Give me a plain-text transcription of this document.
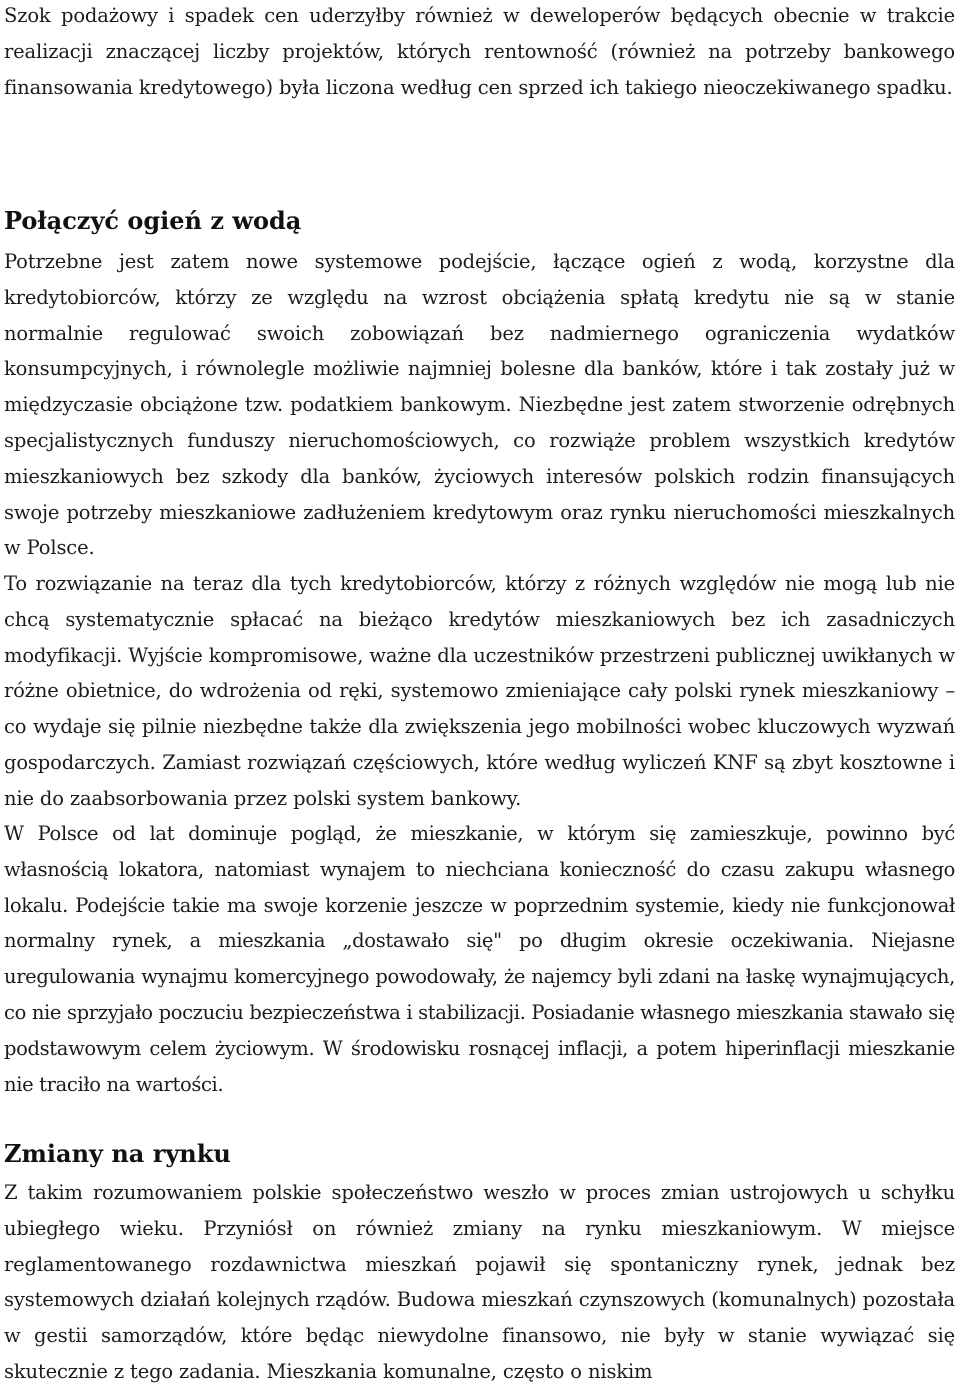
Szok podażowy i spadek cen uderzyłby również w deweloperów będących obecnie w trakcie realizacji znaczącej liczby projektów, których rentowność (również na potrzeby bankowego finansowania kredytowego) była liczona według cen sprzed ich takiego nieoczekiwanego spadku.

Połączyć ogień z wodą

Potrzebne jest zatem nowe systemowe podejście, łączące ogień z wodą, korzystne dla kredytobiorców, którzy ze względu na wzrost obciążenia spłatą kredytu nie są w stanie normalnie regulować swoich zobowiązań bez nadmiernego ograniczenia wydatków konsumpcyjnych, i równolegle możliwie najmniej bolesne dla banków, które i tak zostały już w międzyczasie obciążone tzw. podatkiem bankowym. Niezbędne jest zatem stworzenie odrębnych specjalistycznych funduszy nieruchomościowych, co rozwiąże problem wszystkich kredytów mieszkaniowych bez szkody dla banków, życiowych interesów polskich rodzin finansujących swoje potrzeby mieszkaniowe zadłużeniem kredytowym oraz rynku nieruchomości mieszkalnych w Polsce.

To rozwiązanie na teraz dla tych kredytobiorców, którzy z różnych względów nie mogą lub nie chcą systematycznie spłacać na bieżąco kredytów mieszkaniowych bez ich zasadniczych modyfikacji. Wyjście kompromisowe, ważne dla uczestników przestrzeni publicznej uwikłanych w różne obietnice, do wdrożenia od ręki, systemowo zmieniające cały polski rynek mieszkaniowy – co wydaje się pilnie niezbędne także dla zwiększenia jego mobilności wobec kluczowych wyzwań gospodarczych. Zamiast rozwiązań częściowych, które według wyliczeń KNF są zbyt kosztowne i nie do zaabsorbowania przez polski system bankowy.

W Polsce od lat dominuje pogląd, że mieszkanie, w którym się zamieszkuje, powinno być własnością lokatora, natomiast wynajem to niechciana konieczność do czasu zakupu własnego lokalu. Podejście takie ma swoje korzenie jeszcze w poprzednim systemie, kiedy nie funkcjonował normalny rynek, a mieszkania „dostawało się" po długim okresie oczekiwania. Niejasne uregulowania wynajmu komercyjnego powodowały, że najemcy byli zdani na łaskę wynajmujących, co nie sprzyjało poczuciu bezpieczeństwa i stabilizacji. Posiadanie własnego mieszkania stawało się podstawowym celem życiowym. W środowisku rosnącej inflacji, a potem hiperinflacji mieszkanie nie traciło na wartości.

Zmiany na rynku

Z takim rozumowaniem polskie społeczeństwo weszło w proces zmian ustrojowych u schyłku ubiegłego wieku. Przyniósł on również zmiany na rynku mieszkaniowym. W miejsce reglamentowanego rozdawnictwa mieszkań pojawił się spontaniczny rynek, jednak bez systemowych działań kolejnych rządów. Budowa mieszkań czynszowych (komunalnych) pozostała w gestii samorządów, które będąc niewydolne finansowo, nie były w stanie wywiązać się skutecznie z tego zadania. Mieszkania komunalne, często o niskim
